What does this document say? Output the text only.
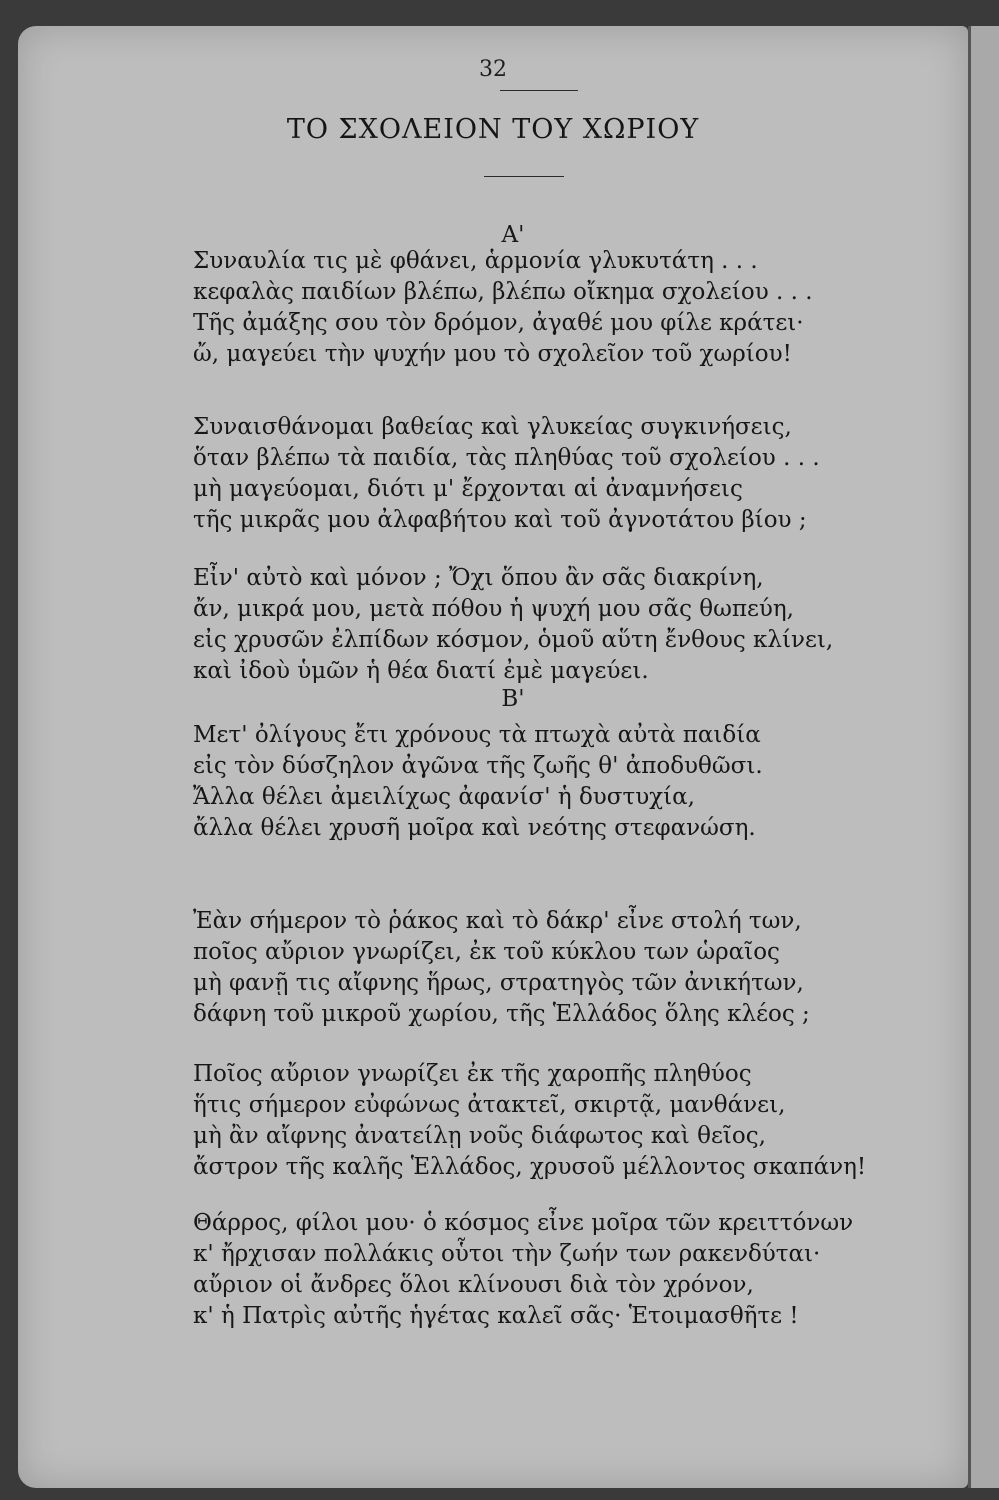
32
ΤΟ ΣΧΟΛΕΙΟΝ ΤΟΥ ΧΩΡΙΟΥ
Α'
Συναυλία τις μὲ φθάνει, ἁρμονία γλυκυτάτη . . .
κεφαλὰς παιδίων βλέπω, βλέπω οἴκημα σχολείου . . .
Τῆς ἀμάξης σου τὸν δρόμον, ἀγαθέ μου φίλε κράτει·
ὤ, μαγεύει τὴν ψυχήν μου τὸ σχολεῖον τοῦ χωρίου!
Συναισθάνομαι βαθείας καὶ γλυκείας συγκινήσεις,
ὅταν βλέπω τὰ παιδία, τὰς πληθύας τοῦ σχολείου . . .
μὴ μαγεύομαι, διότι μ' ἔρχονται αἱ ἀναμνήσεις
τῆς μικρᾶς μου ἀλφαβήτου καὶ τοῦ ἀγνοτάτου βίου ;
Εἶν' αὐτὸ καὶ μόνον ; Ὄχι ὅπου ἂν σᾶς διακρίνη,
ἄν, μικρά μου, μετὰ πόθου ἡ ψυχή μου σᾶς θωπεύη,
εἰς χρυσῶν ἐλπίδων κόσμον, ὁμοῦ αὕτη ἔνθους κλίνει,
καὶ ἰδοὺ ὑμῶν ἡ θέα διατί ἐμὲ μαγεύει.
Β'
Μετ' ὀλίγους ἔτι χρόνους τὰ πτωχὰ αὐτὰ παιδία
εἰς τὸν δύσζηλον ἀγῶνα τῆς ζωῆς θ' ἀποδυθῶσι.
Ἄλλα θέλει ἀμειλίχως ἀφανίσ' ἡ δυστυχία,
ἄλλα θέλει χρυσῆ μοῖρα καὶ νεότης στεφανώση.
Ἐὰν σήμερον τὸ ῥάκος καὶ τὸ δάκρ' εἶνε στολή των,
ποῖος αὔριον γνωρίζει, ἐκ τοῦ κύκλου των ὡραῖος
μὴ φανῇ τις αἴφνης ἥρως, στρατηγὸς τῶν ἀνικήτων,
δάφνη τοῦ μικροῦ χωρίου, τῆς Ἑλλάδος ὅλης κλέος ;
Ποῖος αὔριον γνωρίζει ἐκ τῆς χαροπῆς πληθύος
ἥτις σήμερον εὐφώνως ἀτακτεῖ, σκιρτᾷ, μανθάνει,
μὴ ἂν αἴφνης ἀνατείλῃ νοῦς διάφωτος καὶ θεῖος,
ἄστρον τῆς καλῆς Ἑλλάδος, χρυσοῦ μέλλοντος σκαπάνη!
Θάρρος, φίλοι μου· ὁ κόσμος εἶνε μοῖρα τῶν κρειττόνων
κ' ἤρχισαν πολλάκις οὗτοι τὴν ζωήν των ρακενδύται·
αὔριον οἱ ἄνδρες ὅλοι κλίνουσι διὰ τὸν χρόνον,
κ' ἡ Πατρὶς αὐτῆς ἡγέτας καλεῖ σᾶς· Ἑτοιμασθῆτε !
